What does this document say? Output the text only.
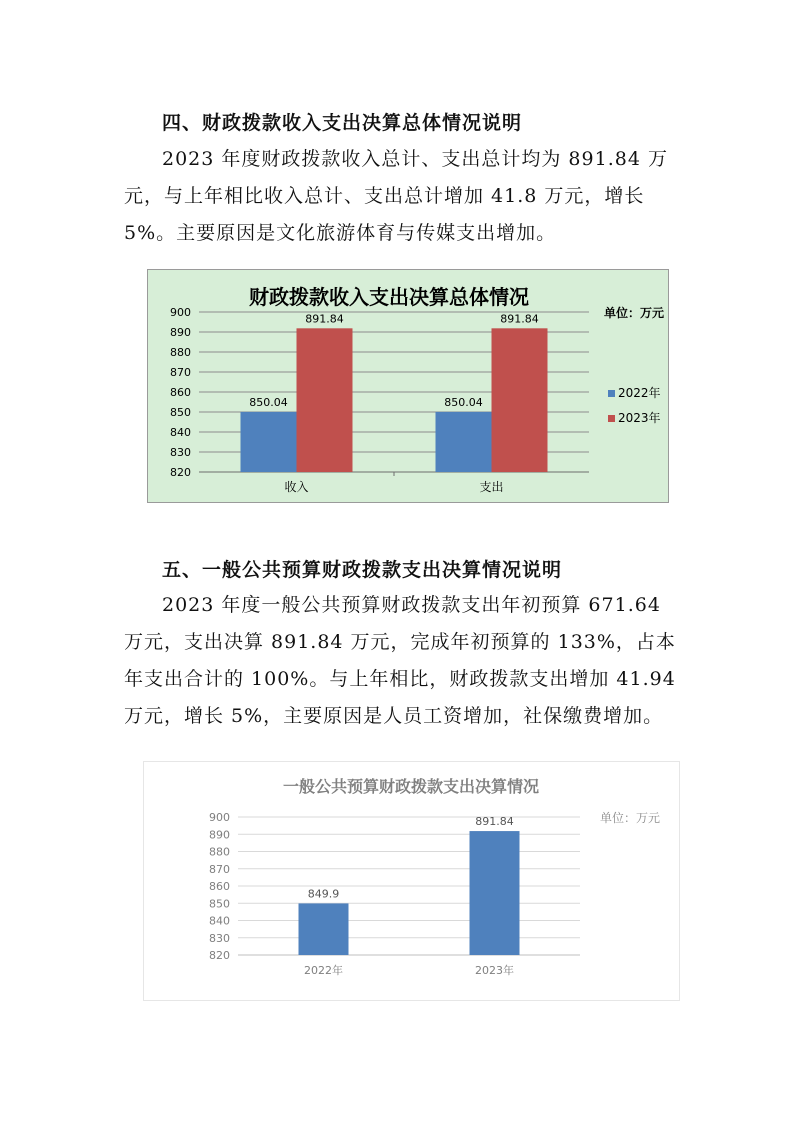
四、财政拨款收入支出决算总体情况说明
2023 年度财政拨款收入总计、支出总计均为 891.84 万
元，与上年相比收入总计、支出总计增加 41.8 万元，增长
5%。主要原因是文化旅游体育与传媒支出增加。
财政拨款收入支出决算总体情况
单位：万元
850.04
891.84
850.04
891.84
820
830
840
850
860
870
880
890
900
收入	支出
2022年
2023年
五、一般公共预算财政拨款支出决算情况说明
2023 年度一般公共预算财政拨款支出年初预算 671.64
万元，支出决算 891.84 万元，完成年初预算的 133%，占本
年支出合计的 100%。与上年相比，财政拨款支出增加 41.94
万元，增长 5%，主要原因是人员工资增加，社保缴费增加。
一般公共预算财政拨款支出决算情况
单位：万元
849.9
891.84
820
830
840
850
860
870
880
890
900
2022年	2023年
